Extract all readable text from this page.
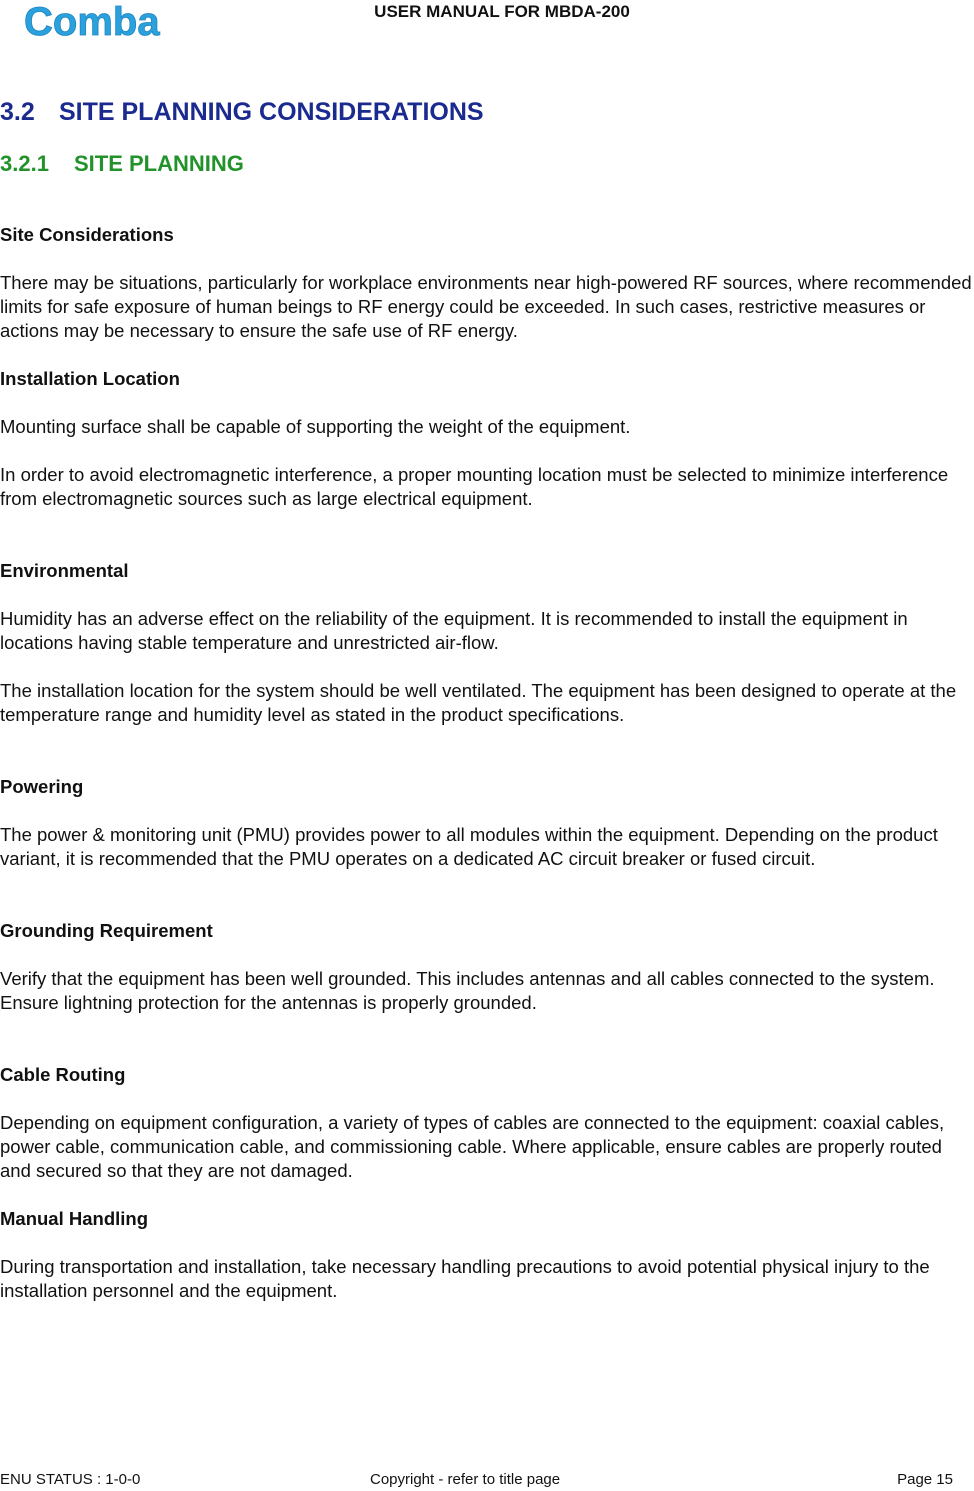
Comba	USER MANUAL FOR MBDA-200
3.2 SITE PLANNING CONSIDERATIONS
3.2.1	SITE PLANNING
Site Considerations

There may be situations, particularly for workplace environments near high-powered RF sources, where recommended limits for safe exposure of human beings to RF energy could be exceeded. In such cases, restrictive measures or actions may be necessary to ensure the safe use of RF energy.

Installation Location

Mounting surface shall be capable of supporting the weight of the equipment.

In order to avoid electromagnetic interference, a proper mounting location must be selected to minimize interference from electromagnetic sources such as large electrical equipment.

Environmental

Humidity has an adverse effect on the reliability of the equipment. It is recommended to install the equipment in locations having stable temperature and unrestricted air-flow.

The installation location for the system should be well ventilated. The equipment has been designed to operate at the temperature range and humidity level as stated in the product specifications.

Powering

The power & monitoring unit (PMU) provides power to all modules within the equipment. Depending on the product variant, it is recommended that the PMU operates on a dedicated AC circuit breaker or fused circuit.

Grounding Requirement

Verify that the equipment has been well grounded. This includes antennas and all cables connected to the system. Ensure lightning protection for the antennas is properly grounded.

Cable Routing

Depending on equipment configuration, a variety of types of cables are connected to the equipment: coaxial cables, power cable, communication cable, and commissioning cable. Where applicable, ensure cables are properly routed and secured so that they are not damaged.

Manual Handling

During transportation and installation, take necessary handling precautions to avoid potential physical injury to the installation personnel and the equipment.

ENU STATUS : 1-0-0	Copyright - refer to title page	Page 15
